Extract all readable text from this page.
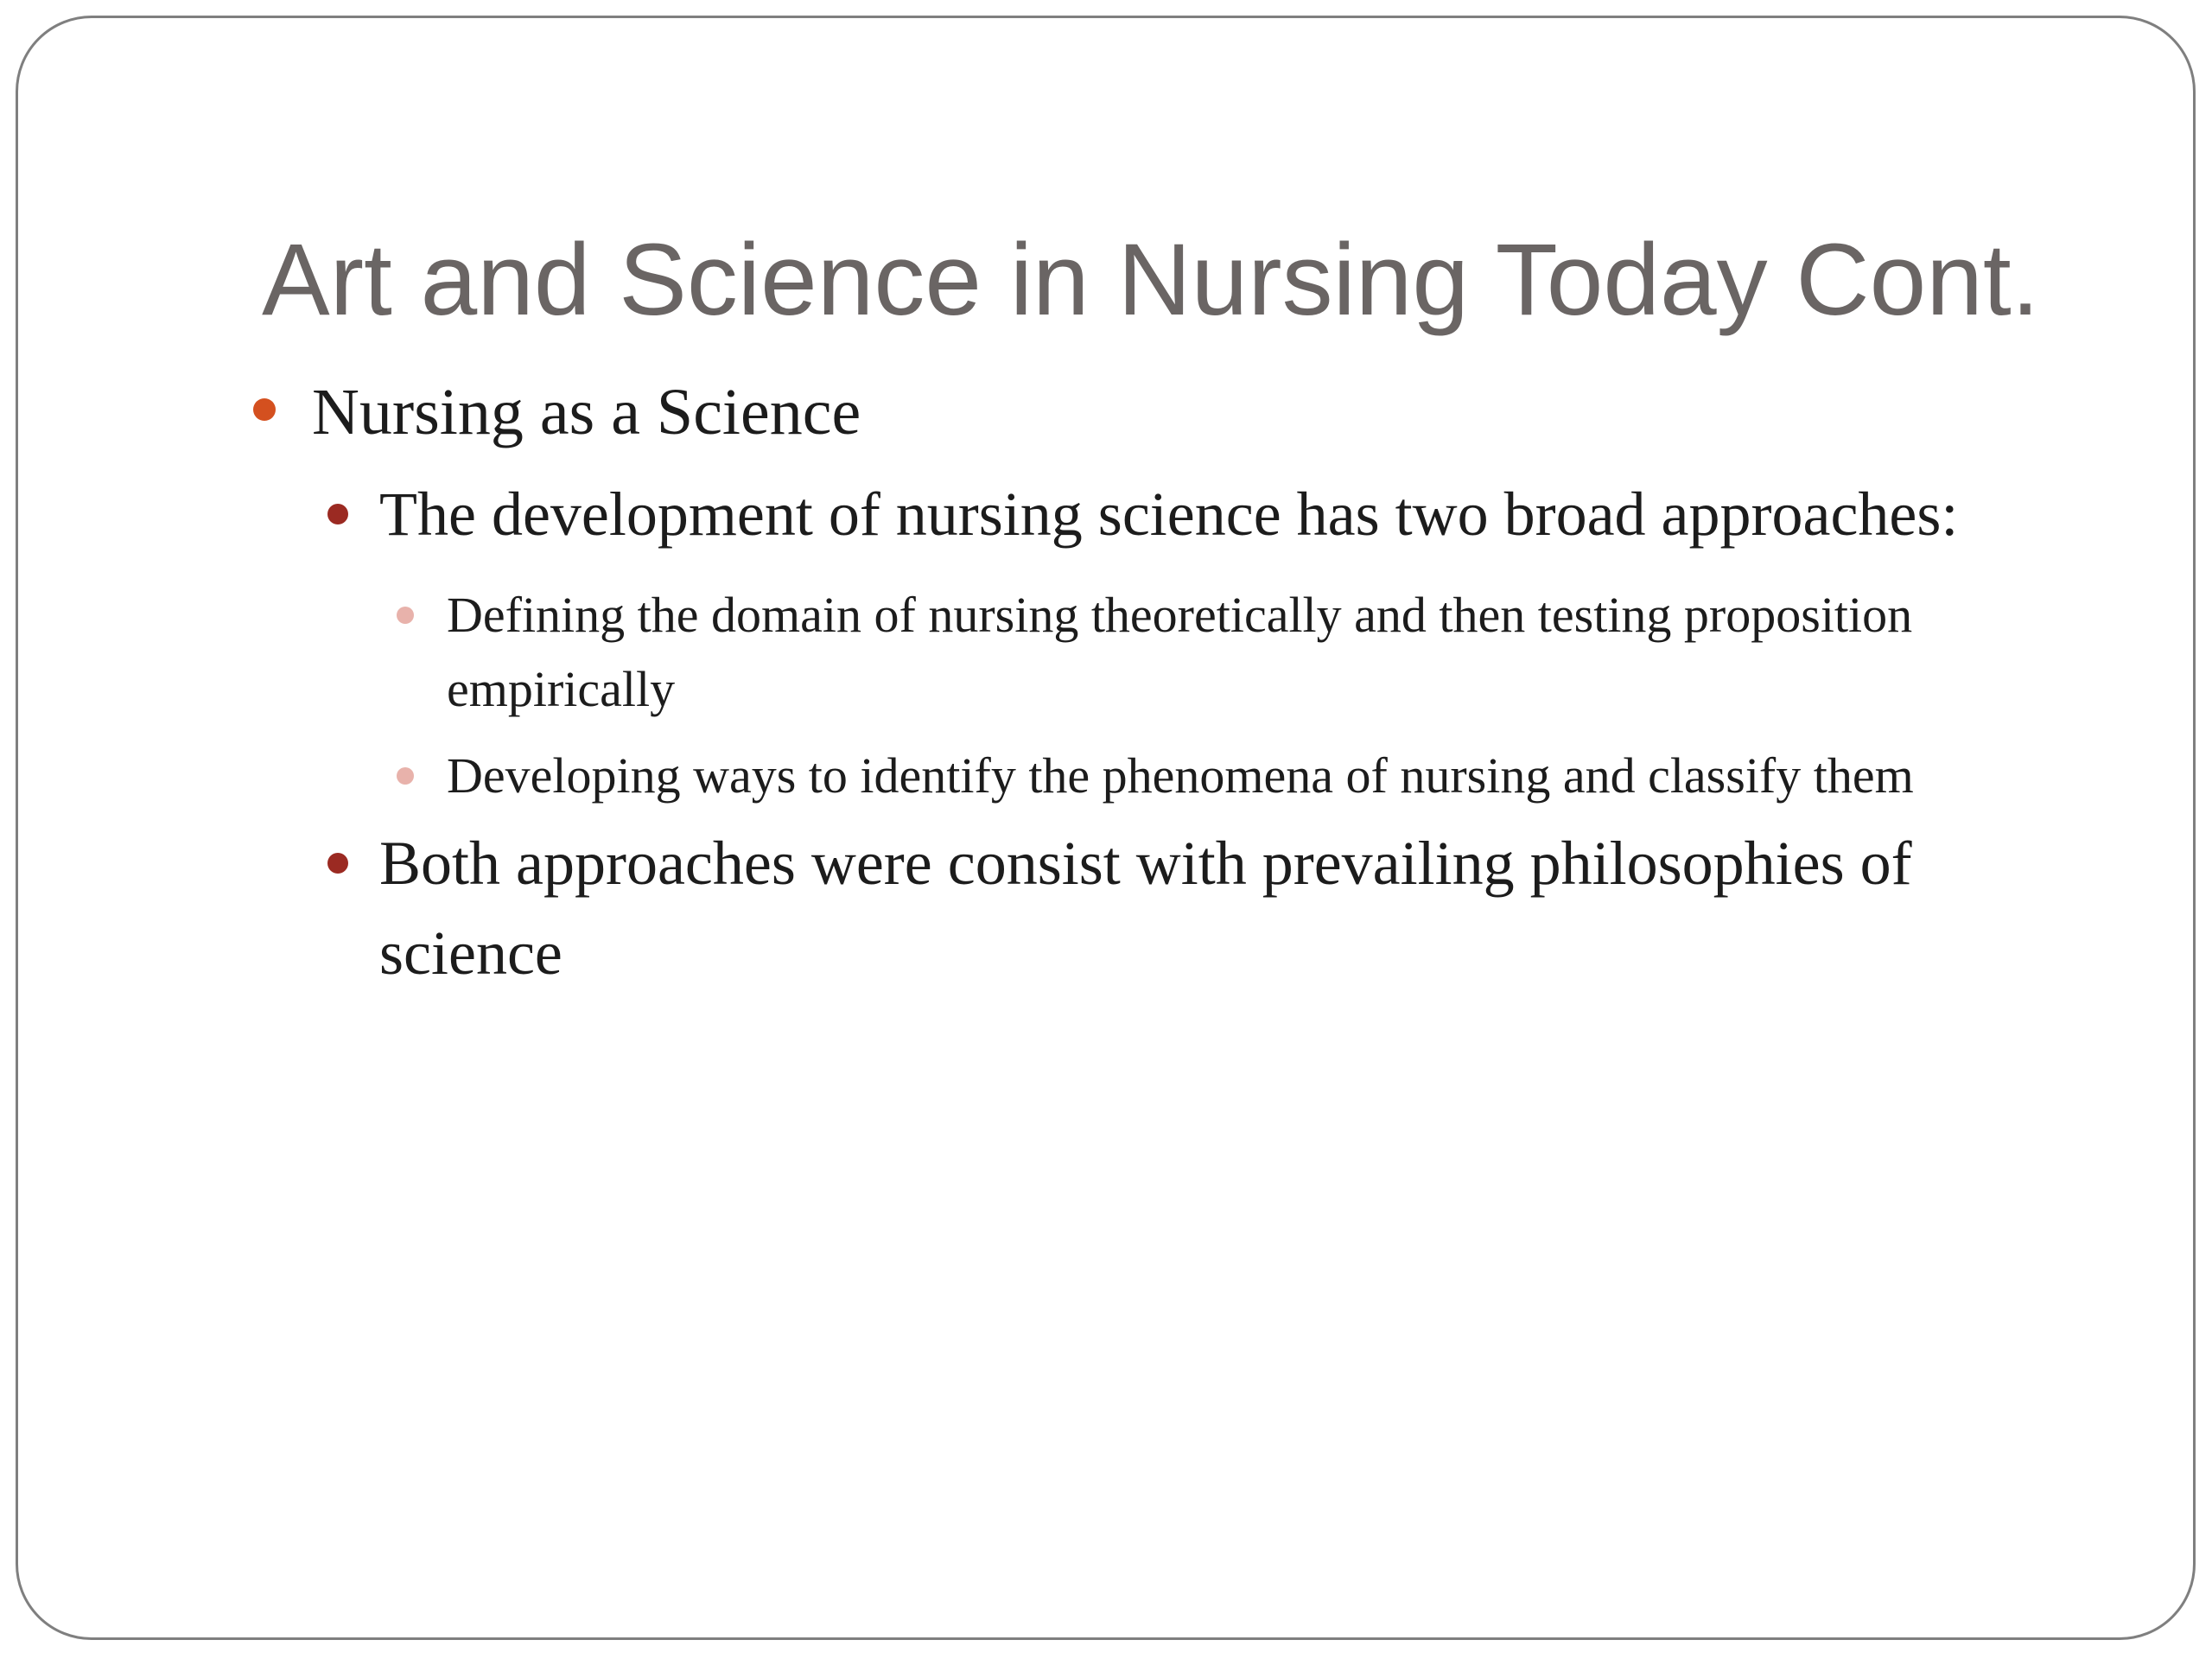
Art and Science in Nursing Today Cont.

Nursing as a Science

The development of nursing science has two broad approaches:

Defining the domain of nursing theoretically and then testing proposition

empirically

Developing ways to identify the phenomena of nursing and classify them

Both approaches were consist with prevailing philosophies of

science
